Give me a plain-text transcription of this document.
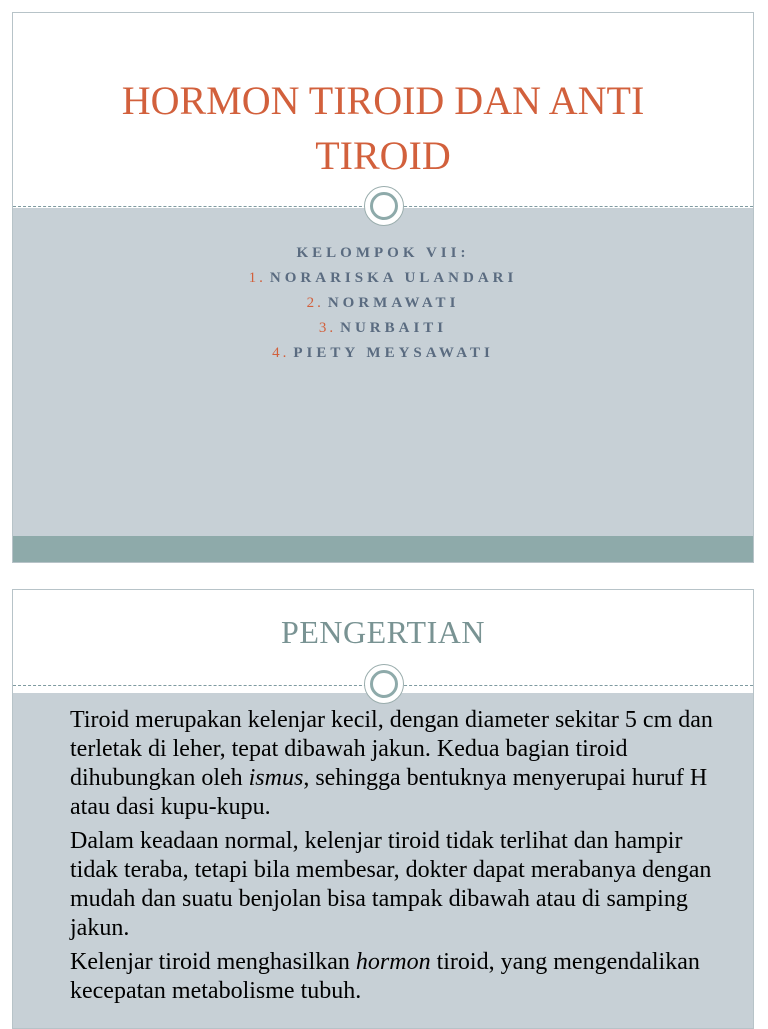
HORMON TIROID DAN ANTI
TIROID
KELOMPOK VII:
1. NORARISKA ULANDARI
2. NORMAWATI
3. NURBAITI
4. PIETY MEYSAWATI
PENGERTIAN

Tiroid merupakan kelenjar kecil, dengan diameter sekitar 5 cm dan terletak di leher, tepat dibawah jakun. Kedua bagian tiroid dihubungkan oleh ismus, sehingga bentuknya menyerupai huruf H atau dasi kupu-kupu.

Dalam keadaan normal, kelenjar tiroid tidak terlihat dan hampir tidak teraba, tetapi bila membesar, dokter dapat merabanya dengan mudah dan suatu benjolan bisa tampak dibawah atau di samping jakun.

Kelenjar tiroid menghasilkan hormon tiroid, yang mengendalikan kecepatan metabolisme tubuh.
